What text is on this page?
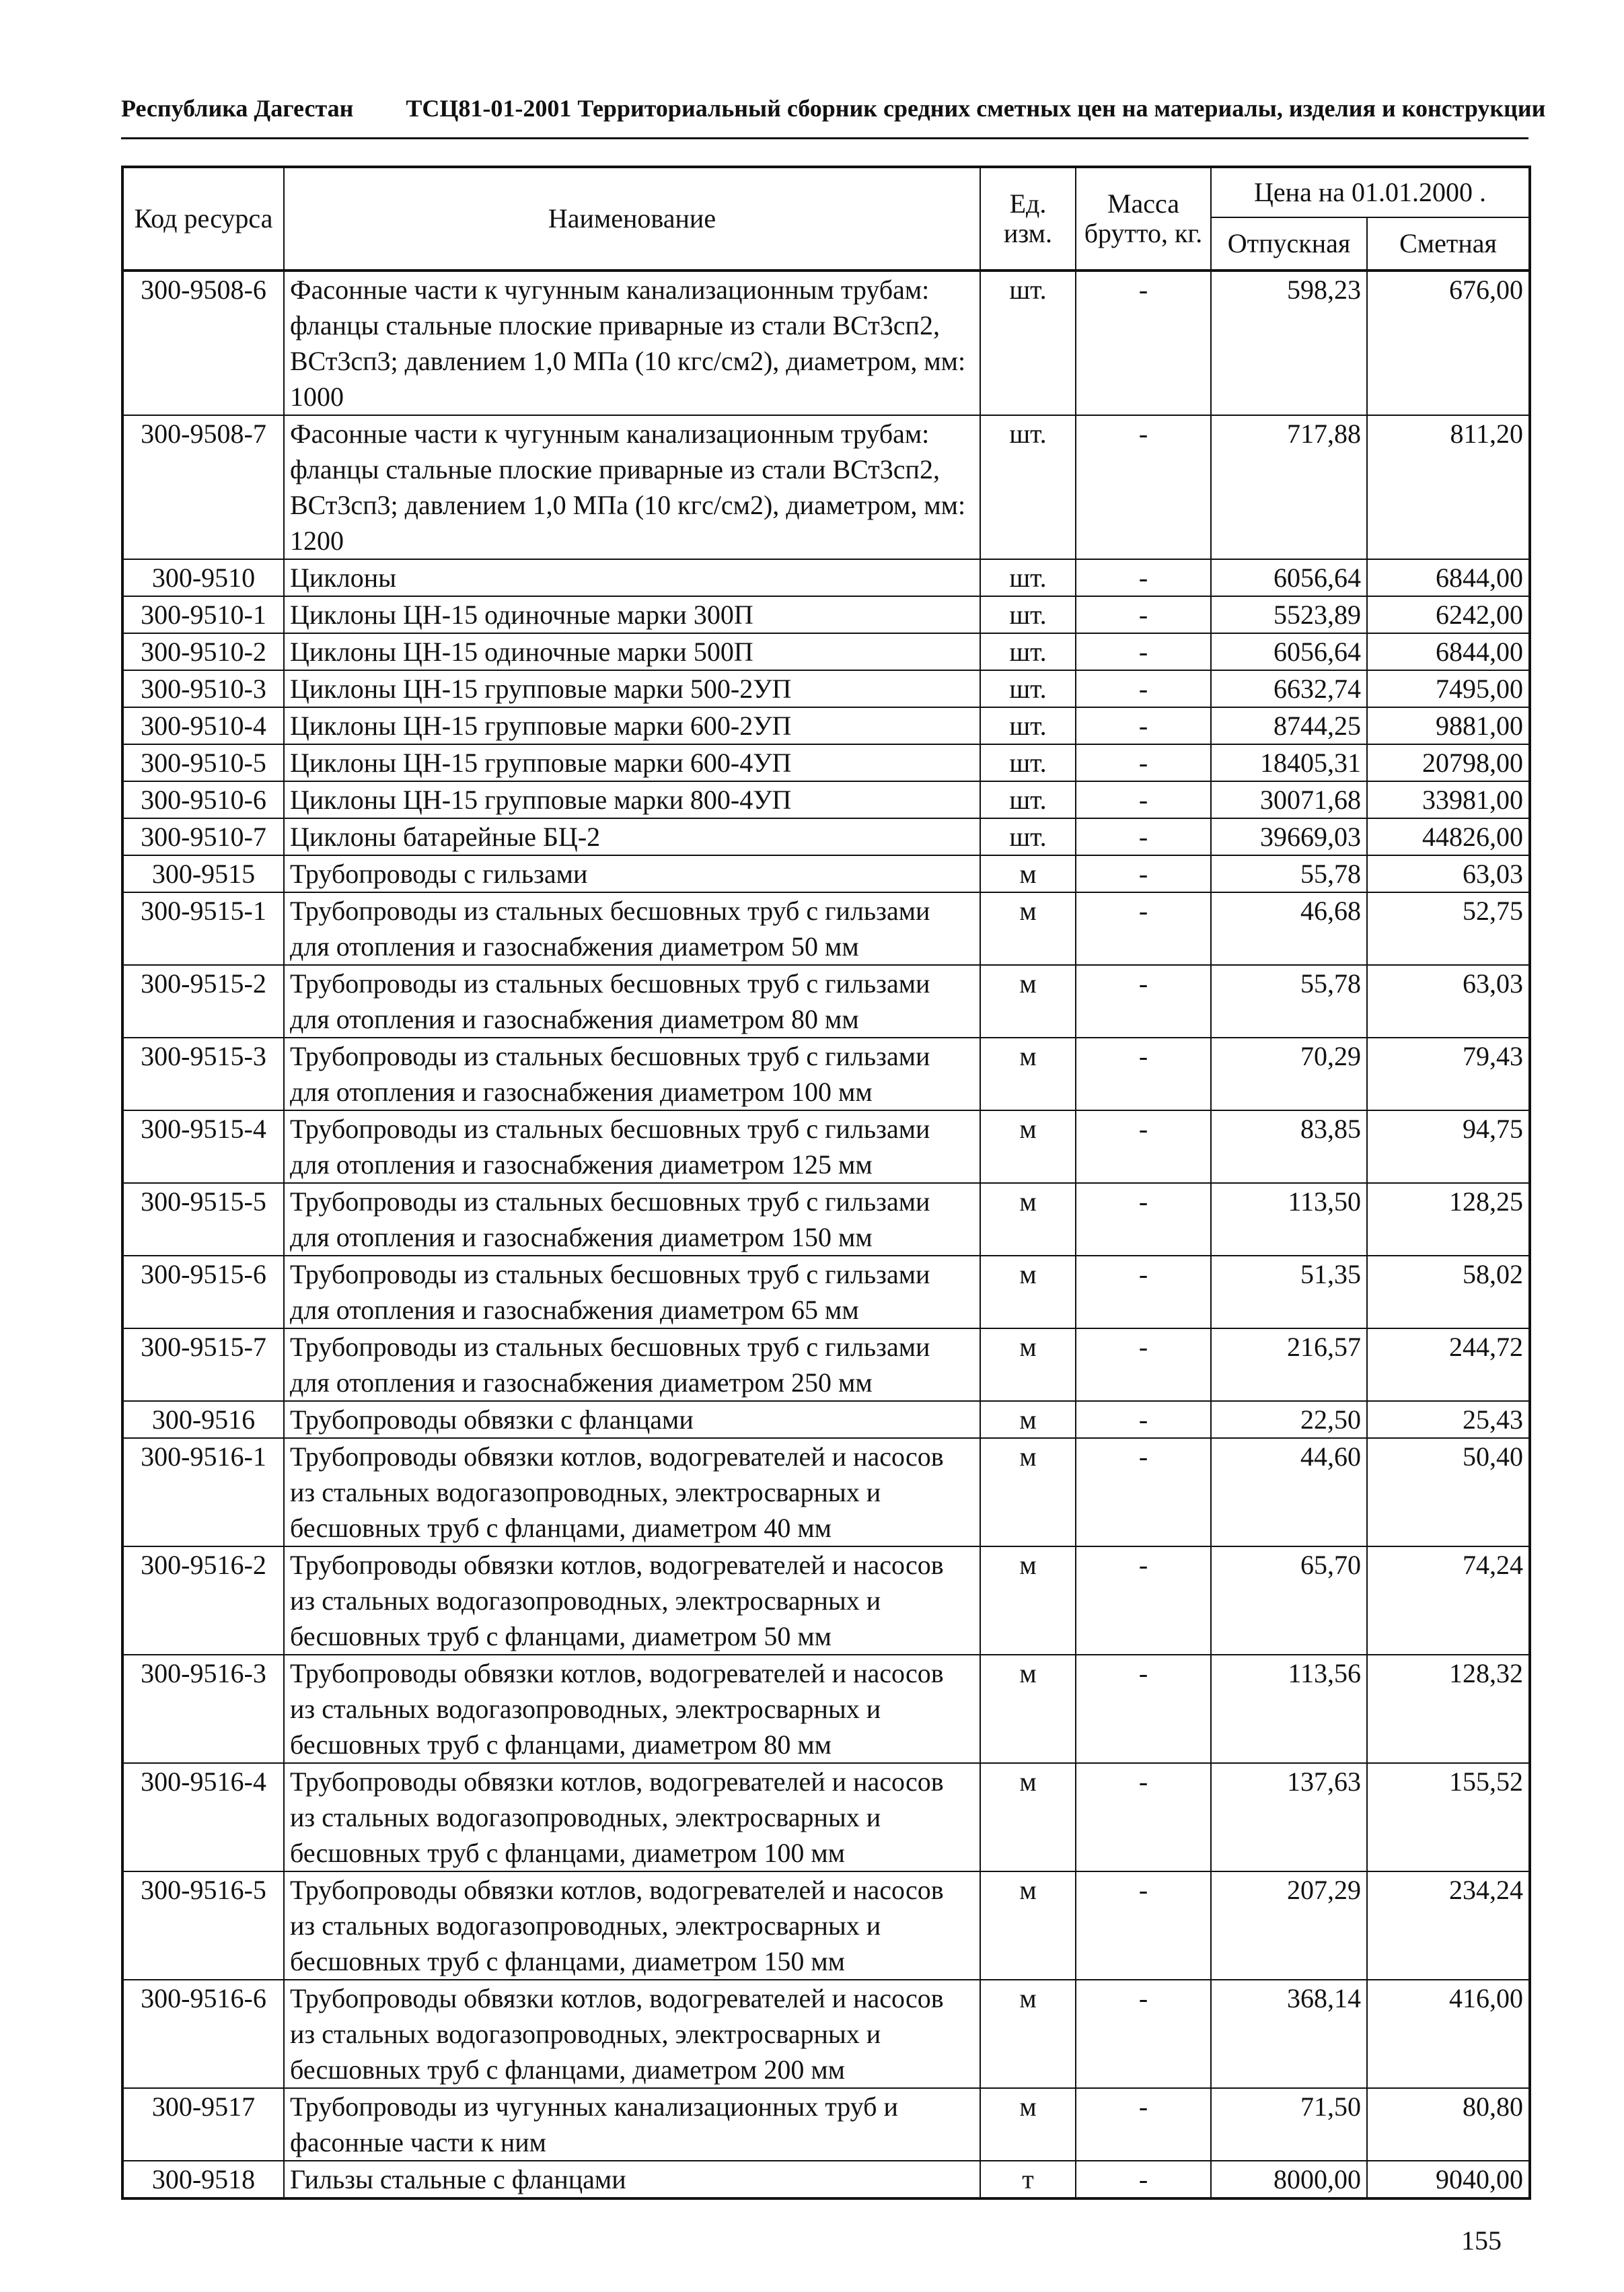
Республика Дагестан ТСЦ81-01-2001 Территориальный сборник средних сметных цен на материалы, изделия и конструкции
Код ресурса	Наименование	Ед. изм.	Масса брутто, кг.	Цена на 01.01.2000 .	
				Отпускная	Сметная
300-9508-6	Фасонные части к чугунным канализационным трубам: фланцы стальные плоские приварные из стали ВСт3сп2, ВСт3сп3; давлением 1,0 МПа (10 кгс/см2), диаметром, мм: 1000	шт.	-	598,23	676,00
300-9508-7	Фасонные части к чугунным канализационным трубам: фланцы стальные плоские приварные из стали ВСт3сп2, ВСт3сп3; давлением 1,0 МПа (10 кгс/см2), диаметром, мм: 1200	шт.	-	717,88	811,20
300-9510	Циклоны	шт.	-	6056,64	6844,00
300-9510-1	Циклоны ЦН-15 одиночные марки 300П	шт.	-	5523,89	6242,00
300-9510-2	Циклоны ЦН-15 одиночные марки 500П	шт.	-	6056,64	6844,00
300-9510-3	Циклоны ЦН-15 групповые марки 500-2УП	шт.	-	6632,74	7495,00
300-9510-4	Циклоны ЦН-15 групповые марки 600-2УП	шт.	-	8744,25	9881,00
300-9510-5	Циклоны ЦН-15 групповые марки 600-4УП	шт.	-	18405,31	20798,00
300-9510-6	Циклоны ЦН-15 групповые марки 800-4УП	шт.	-	30071,68	33981,00
300-9510-7	Циклоны батарейные БЦ-2	шт.	-	39669,03	44826,00
300-9515	Трубопроводы с гильзами	м	-	55,78	63,03
300-9515-1	Трубопроводы из стальных бесшовных труб с гильзами для отопления и газоснабжения диаметром 50 мм	м	-	46,68	52,75
300-9515-2	Трубопроводы из стальных бесшовных труб с гильзами для отопления и газоснабжения диаметром 80 мм	м	-	55,78	63,03
300-9515-3	Трубопроводы из стальных бесшовных труб с гильзами для отопления и газоснабжения диаметром 100 мм	м	-	70,29	79,43
300-9515-4	Трубопроводы из стальных бесшовных труб с гильзами для отопления и газоснабжения диаметром 125 мм	м	-	83,85	94,75
300-9515-5	Трубопроводы из стальных бесшовных труб с гильзами для отопления и газоснабжения диаметром 150 мм	м	-	113,50	128,25
300-9515-6	Трубопроводы из стальных бесшовных труб с гильзами для отопления и газоснабжения диаметром 65 мм	м	-	51,35	58,02
300-9515-7	Трубопроводы из стальных бесшовных труб с гильзами для отопления и газоснабжения диаметром 250 мм	м	-	216,57	244,72
300-9516	Трубопроводы обвязки с фланцами	м	-	22,50	25,43
300-9516-1	Трубопроводы обвязки котлов, водогревателей и насосов из стальных водогазопроводных, электросварных и бесшовных труб с фланцами, диаметром 40 мм	м	-	44,60	50,40
300-9516-2	Трубопроводы обвязки котлов, водогревателей и насосов из стальных водогазопроводных, электросварных и бесшовных труб с фланцами, диаметром 50 мм	м	-	65,70	74,24
300-9516-3	Трубопроводы обвязки котлов, водогревателей и насосов из стальных водогазопроводных, электросварных и бесшовных труб с фланцами, диаметром 80 мм	м	-	113,56	128,32
300-9516-4	Трубопроводы обвязки котлов, водогревателей и насосов из стальных водогазопроводных, электросварных и бесшовных труб с фланцами, диаметром 100 мм	м	-	137,63	155,52
300-9516-5	Трубопроводы обвязки котлов, водогревателей и насосов из стальных водогазопроводных, электросварных и бесшовных труб с фланцами, диаметром 150 мм	м	-	207,29	234,24
300-9516-6	Трубопроводы обвязки котлов, водогревателей и насосов из стальных водогазопроводных, электросварных и бесшовных труб с фланцами, диаметром 200 мм	м	-	368,14	416,00
300-9517	Трубопроводы из чугунных канализационных труб и фасонные части к ним	м	-	71,50	80,80
300-9518	Гильзы стальные с фланцами	т	-	8000,00	9040,00
155
